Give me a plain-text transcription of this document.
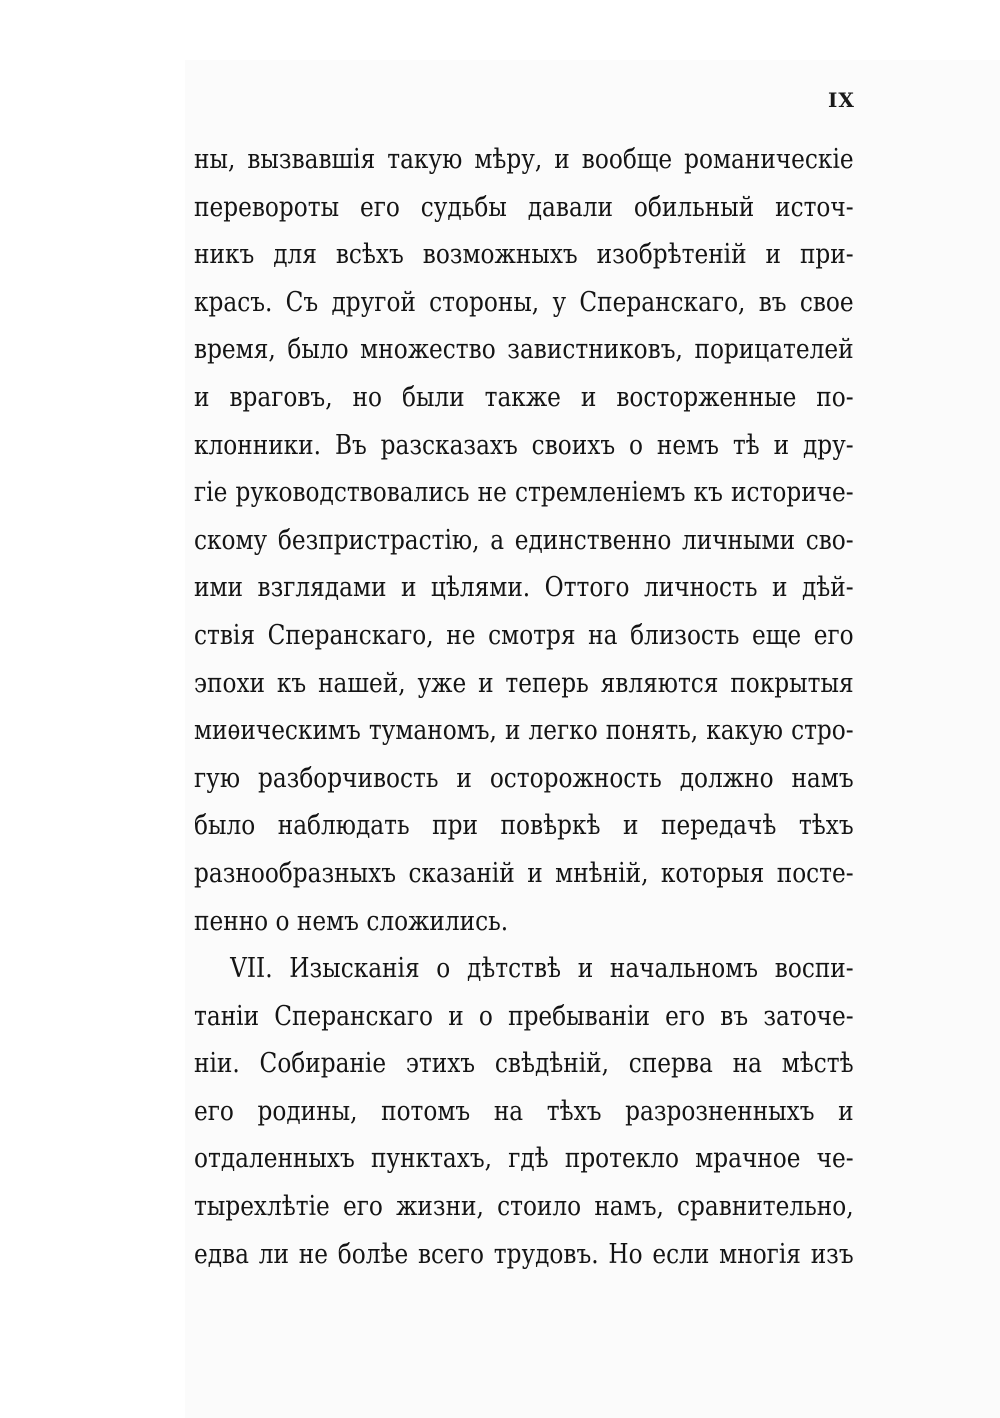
IX
ны, вызвавшія такую мѣру, и вообще романическіе
перевороты его судьбы давали обильный источ-
никъ для всѣхъ возможныхъ изобрѣтеній и при-
красъ. Съ другой стороны, у Сперанскаго, въ свое
время, было множество завистниковъ, порицателей
и враговъ, но были также и восторженные по-
клонники. Въ разсказахъ своихъ о немъ тѣ и дру-
гіе руководствовались не стремленіемъ къ историче-
скому безпристрастію, а единственно личными сво-
ими взглядами и цѣлями. Оттого личность и дѣй-
ствія Сперанскаго, не смотря на близость еще его
эпохи къ нашей, уже и теперь являются покрытыя
миѳическимъ туманомъ, и легко понять, какую стро-
гую разборчивость и осторожность должно намъ
было наблюдать при повѣркѣ и передачѣ тѣхъ
разнообразныхъ сказаній и мнѣній, которыя посте-
пенно о немъ сложились.
VII. Изысканія о дѣтствѣ и начальномъ воспи-
таніи Сперанскаго и о пребываніи его въ заточе-
ніи. Собираніе этихъ свѣдѣній, сперва на мѣстѣ
его родины, потомъ на тѣхъ разрозненныхъ и
отдаленныхъ пунктахъ, гдѣ протекло мрачное че-
тырехлѣтіе его жизни, стоило намъ, сравнительно,
едва ли не болѣе всего трудовъ. Но если многія изъ
